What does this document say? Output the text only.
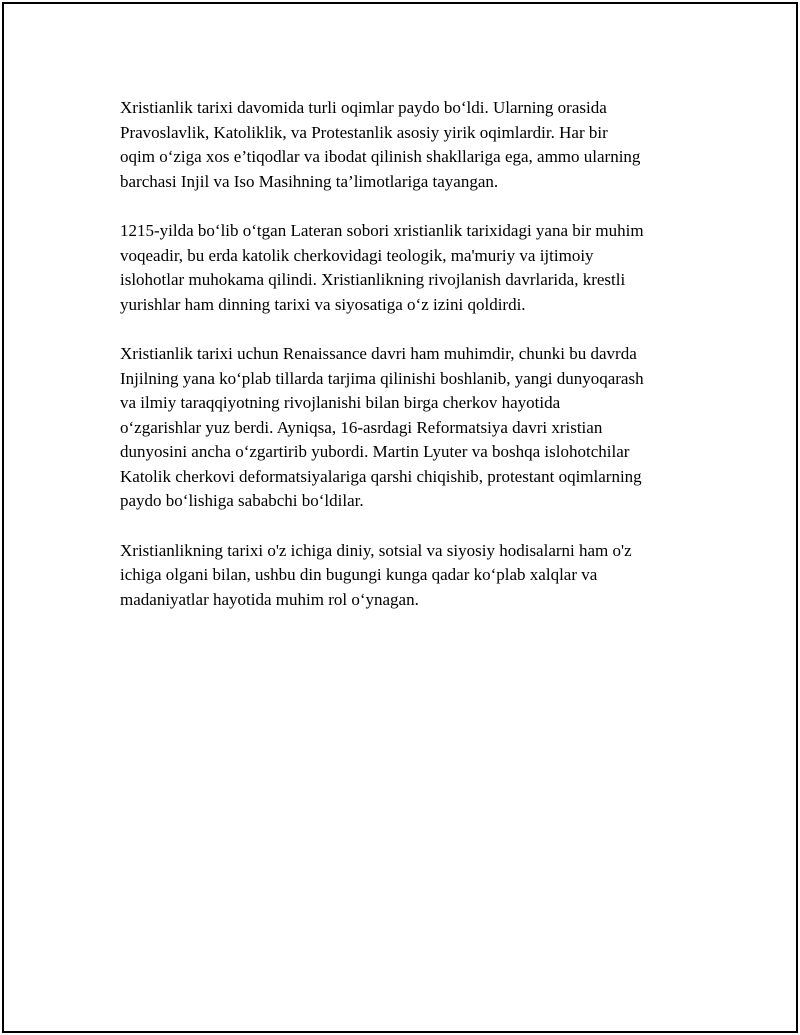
Xristianlik tarixi davomida turli oqimlar paydo bo‘ldi. Ularning orasida
Pravoslavlik, Katoliklik, va Protestanlik asosiy yirik oqimlardir. Har bir
oqim o‘ziga xos e’tiqodlar va ibodat qilinish shakllariga ega, ammo ularning
barchasi Injil va Iso Masihning ta’limotlariga tayangan.

1215-yilda bo‘lib o‘tgan Lateran sobori xristianlik tarixidagi yana bir muhim
voqeadir, bu erda katolik cherkovidagi teologik, ma'muriy va ijtimoiy
islohotlar muhokama qilindi. Xristianlikning rivojlanish davrlarida, krestli
yurishlar ham dinning tarixi va siyosatiga o‘z izini qoldirdi.

Xristianlik tarixi uchun Renaissance davri ham muhimdir, chunki bu davrda
Injilning yana ko‘plab tillarda tarjima qilinishi boshlanib, yangi dunyoqarash
va ilmiy taraqqiyotning rivojlanishi bilan birga cherkov hayotida
o‘zgarishlar yuz berdi. Ayniqsa, 16-asrdagi Reformatsiya davri xristian
dunyosini ancha o‘zgartirib yubordi. Martin Lyuter va boshqa islohotchilar
Katolik cherkovi deformatsiyalariga qarshi chiqishib, protestant oqimlarning
paydo bo‘lishiga sababchi bo‘ldilar.

Xristianlikning tarixi o'z ichiga diniy, sotsial va siyosiy hodisalarni ham o'z
ichiga olgani bilan, ushbu din bugungi kunga qadar ko‘plab xalqlar va
madaniyatlar hayotida muhim rol o‘ynagan.
